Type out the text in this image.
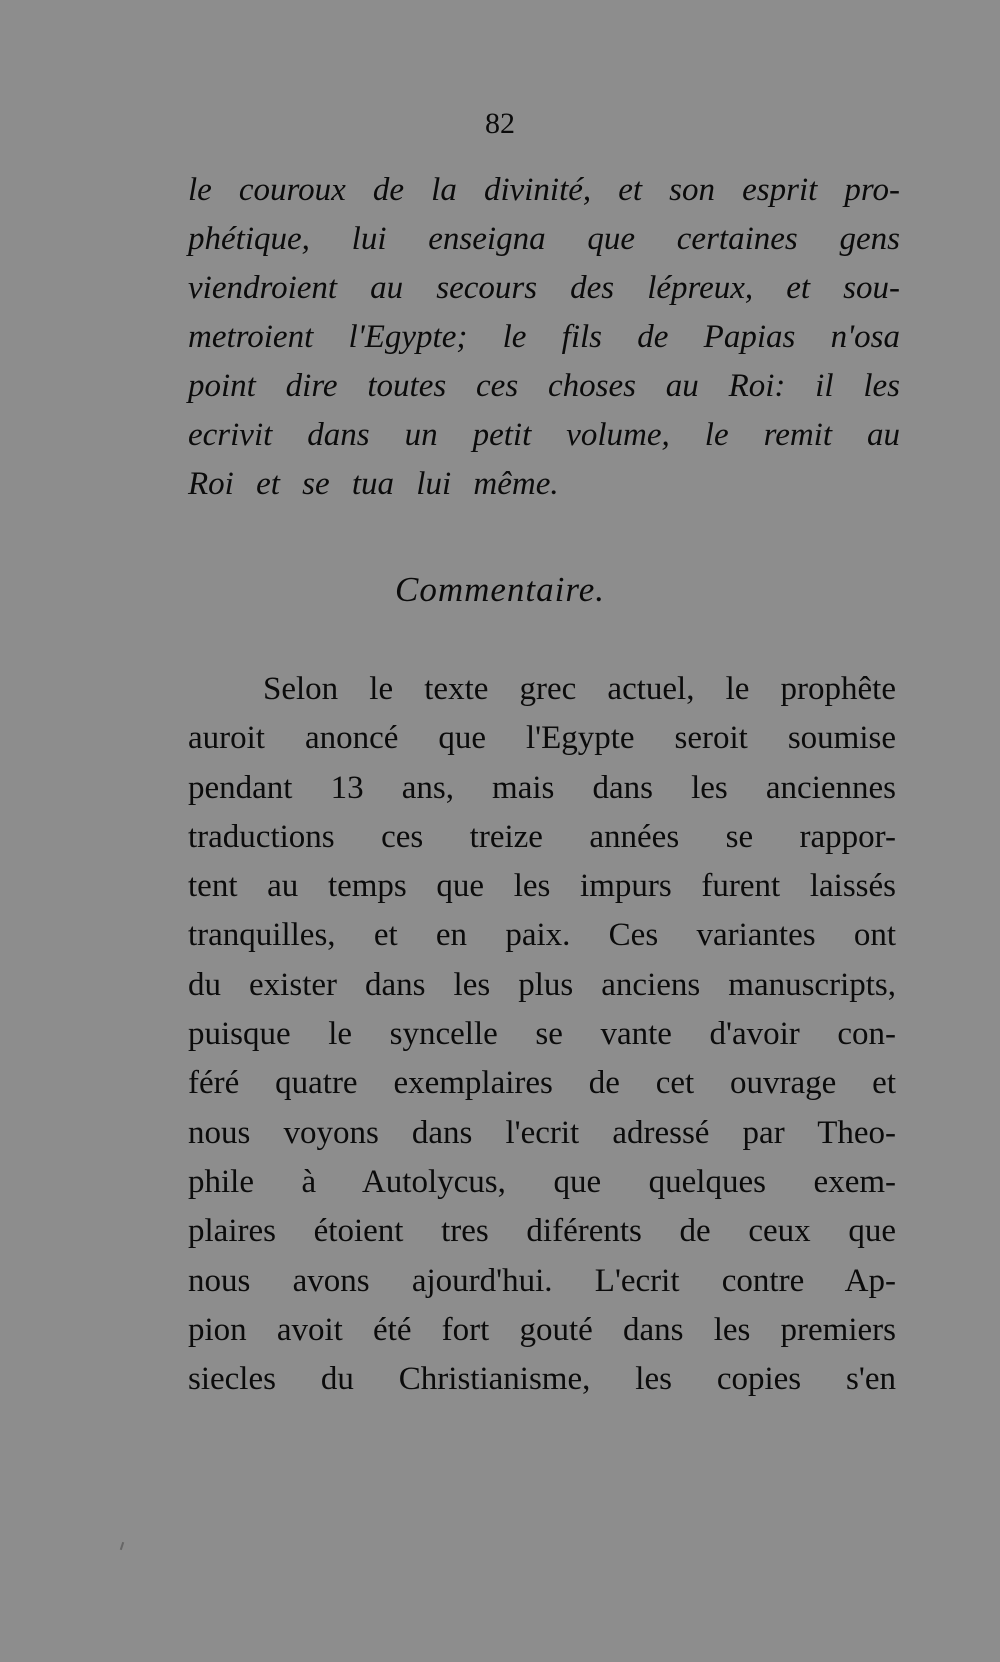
82
le couroux de la divinité, et son esprit pro-
phétique, lui enseigna que certaines gens
viendroient au secours des lépreux, et sou-
metroient l'Egypte; le fils de Papias n'osa
point dire toutes ces choses au Roi: il les
ecrivit dans un petit volume, le remit au
Roi et se tua lui même.
Commentaire.
Selon le texte grec actuel, le prophête
auroit anoncé que l'Egypte seroit soumise
pendant 13 ans, mais dans les anciennes
traductions ces treize années se rappor-
tent au temps que les impurs furent laissés
tranquilles, et en paix. Ces variantes ont
du exister dans les plus anciens manuscripts,
puisque le syncelle se vante d'avoir con-
féré quatre exemplaires de cet ouvrage et
nous voyons dans l'ecrit adressé par Theo-
phile à Autolycus, que quelques exem-
plaires étoient tres diférents de ceux que
nous avons ajourd'hui. L'ecrit contre Ap-
pion avoit été fort gouté dans les premiers
siecles du Christianisme, les copies s'en
